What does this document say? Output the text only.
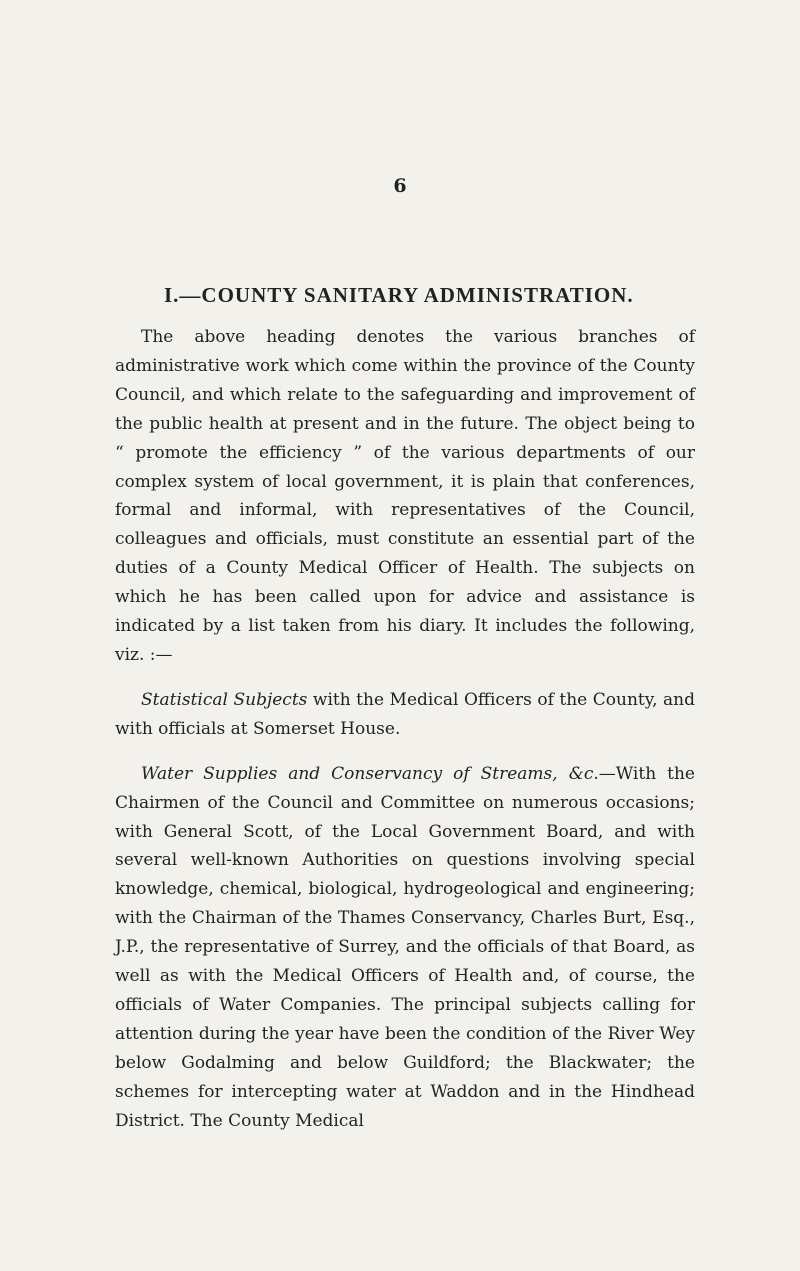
6

I.—COUNTY SANITARY ADMINISTRATION.

The above heading denotes the various branches of administrative work which come within the province of the County Council, and which relate to the safeguarding and improvement of the public health at present and in the future. The object being to “ promote the efficiency ” of the various departments of our complex system of local government, it is plain that conferences, formal and informal, with representatives of the Council, colleagues and officials, must constitute an essential part of the duties of a County Medical Officer of Health. The subjects on which he has been called upon for advice and assistance is indicated by a list taken from his diary. It includes the following, viz. :—

Statistical Subjects with the Medical Officers of the County, and with officials at Somerset House.

Water Supplies and Conservancy of Streams, &c.—With the Chairmen of the Council and Committee on numerous occasions; with General Scott, of the Local Government Board, and with several well-known Authorities on questions involving special knowledge, chemical, biological, hydrogeological and engineering; with the Chairman of the Thames Conservancy, Charles Burt, Esq., J.P., the representative of Surrey, and the officials of that Board, as well as with the Medical Officers of Health and, of course, the officials of Water Companies. The principal subjects calling for attention during the year have been the condition of the River Wey below Godalming and below Guildford; the Blackwater; the schemes for intercepting water at Waddon and in the Hindhead District. The County Medical
